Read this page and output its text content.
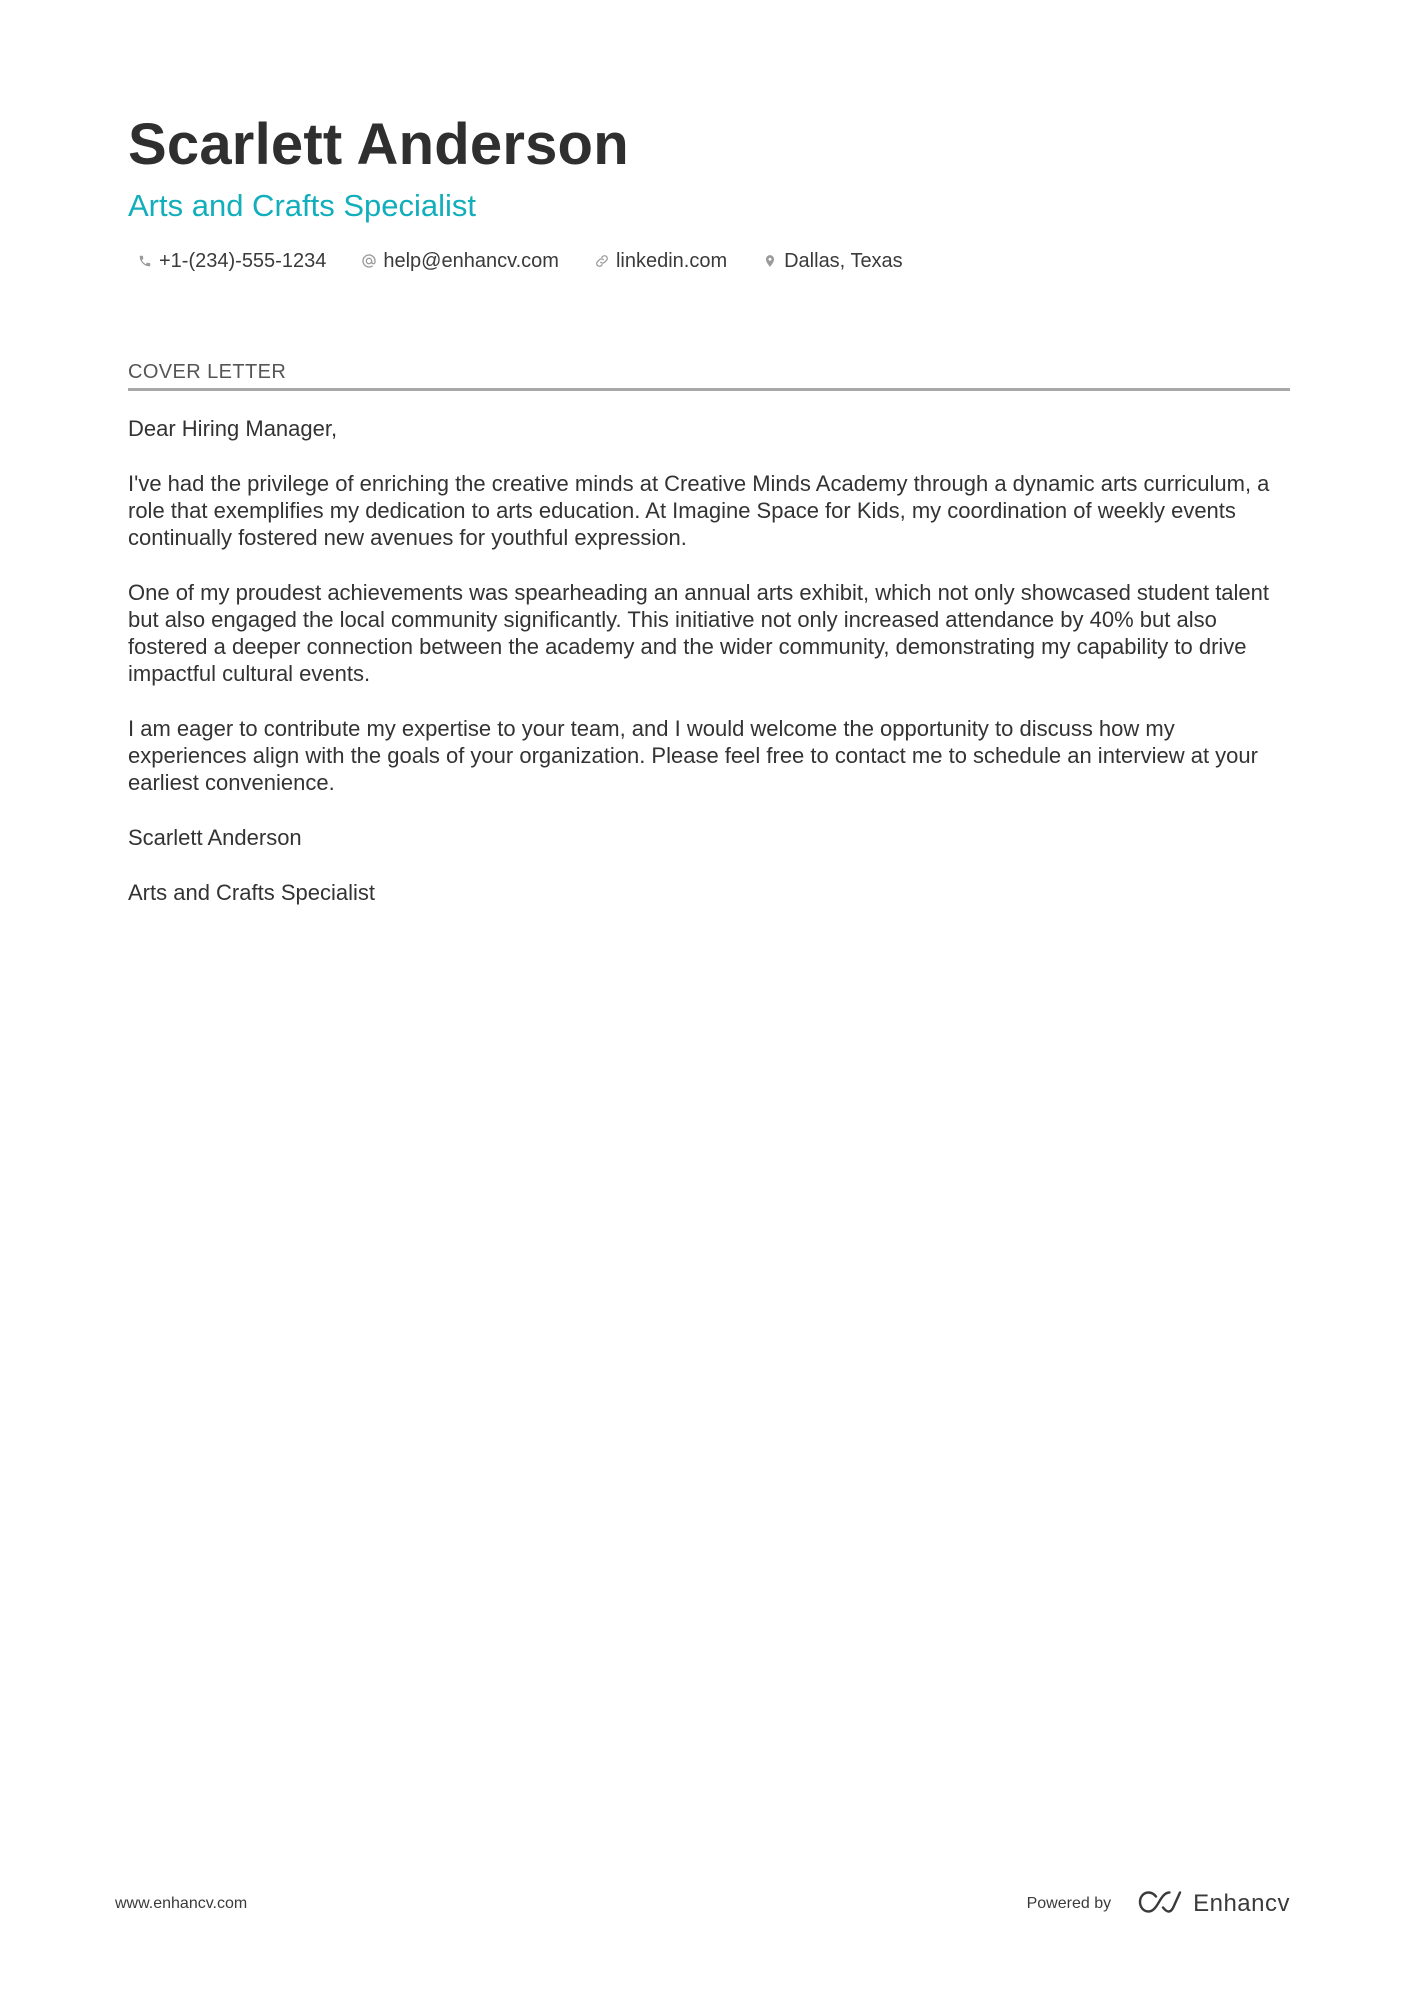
Scarlett Anderson
Arts and Crafts Specialist
+1-(234)-555-1234	help@enhancv.com	linkedin.com	Dallas, Texas
COVER LETTER

Dear Hiring Manager,

I've had the privilege of enriching the creative minds at Creative Minds Academy through a dynamic arts curriculum, a role that exemplifies my dedication to arts education. At Imagine Space for Kids, my coordination of weekly events continually fostered new avenues for youthful expression.

One of my proudest achievements was spearheading an annual arts exhibit, which not only showcased student talent but also engaged the local community significantly. This initiative not only increased attendance by 40% but also fostered a deeper connection between the academy and the wider community, demonstrating my capability to drive impactful cultural events.

I am eager to contribute my expertise to your team, and I would welcome the opportunity to discuss how my experiences align with the goals of your organization. Please feel free to contact me to schedule an interview at your earliest convenience.

Scarlett Anderson

Arts and Crafts Specialist

www.enhancv.com	Powered by	Enhancv
